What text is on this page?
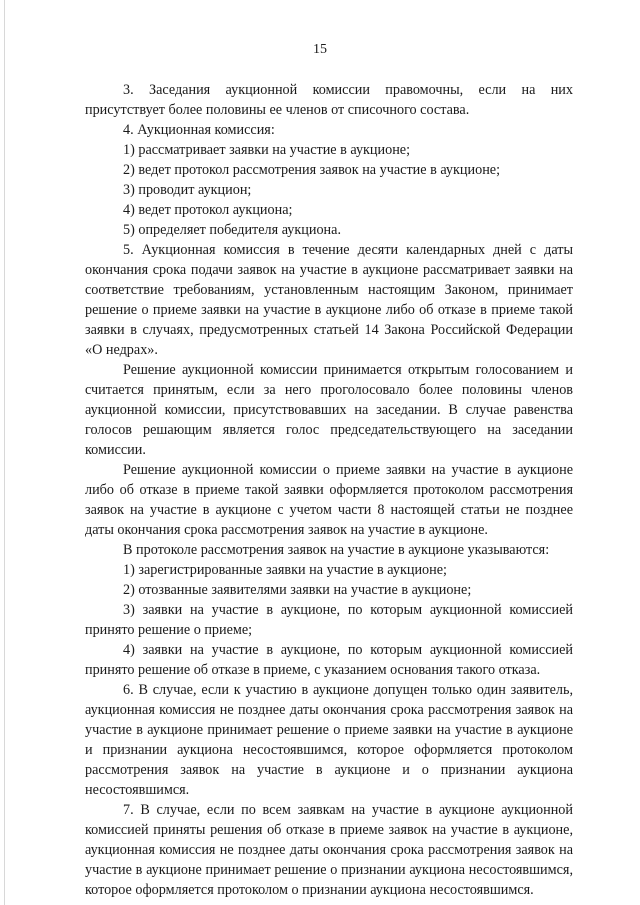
15

3. Заседания аукционной комиссии правомочны, если на них присутствует более половины ее членов от списочного состава.

4. Аукционная комиссия:

1) рассматривает заявки на участие в аукционе;

2) ведет протокол рассмотрения заявок на участие в аукционе;

3) проводит аукцион;

4) ведет протокол аукциона;

5) определяет победителя аукциона.

5. Аукционная комиссия в течение десяти календарных дней с даты окончания срока подачи заявок на участие в аукционе рассматривает заявки на соответствие требованиям, установленным настоящим Законом, принимает решение о приеме заявки на участие в аукционе либо об отказе в приеме такой заявки в случаях, предусмотренных статьей 14 Закона Российской Федерации «О недрах».

Решение аукционной комиссии принимается открытым голосованием и считается принятым, если за него проголосовало более половины членов аукционной комиссии, присутствовавших на заседании. В случае равенства голосов решающим является голос председательствующего на заседании комиссии.

Решение аукционной комиссии о приеме заявки на участие в аукционе либо об отказе в приеме такой заявки оформляется протоколом рассмотрения заявок на участие в аукционе с учетом части 8 настоящей статьи не позднее даты окончания срока рассмотрения заявок на участие в аукционе.

В протоколе рассмотрения заявок на участие в аукционе указываются:

1) зарегистрированные заявки на участие в аукционе;

2) отозванные заявителями заявки на участие в аукционе;

3) заявки на участие в аукционе, по которым аукционной комиссией принято решение о приеме;

4) заявки на участие в аукционе, по которым аукционной комиссией принято решение об отказе в приеме, с указанием основания такого отказа.

6. В случае, если к участию в аукционе допущен только один заявитель, аукционная комиссия не позднее даты окончания срока рассмотрения заявок на участие в аукционе принимает решение о приеме заявки на участие в аукционе и признании аукциона несостоявшимся, которое оформляется протоколом рассмотрения заявок на участие в аукционе и о признании аукциона несостоявшимся.

7. В случае, если по всем заявкам на участие в аукционе аукционной комиссией приняты решения об отказе в приеме заявок на участие в аукционе, аукционная комиссия не позднее даты окончания срока рассмотрения заявок на участие в аукционе принимает решение о признании аукциона несостоявшимся, которое оформляется протоколом о признании аукциона несостоявшимся.
